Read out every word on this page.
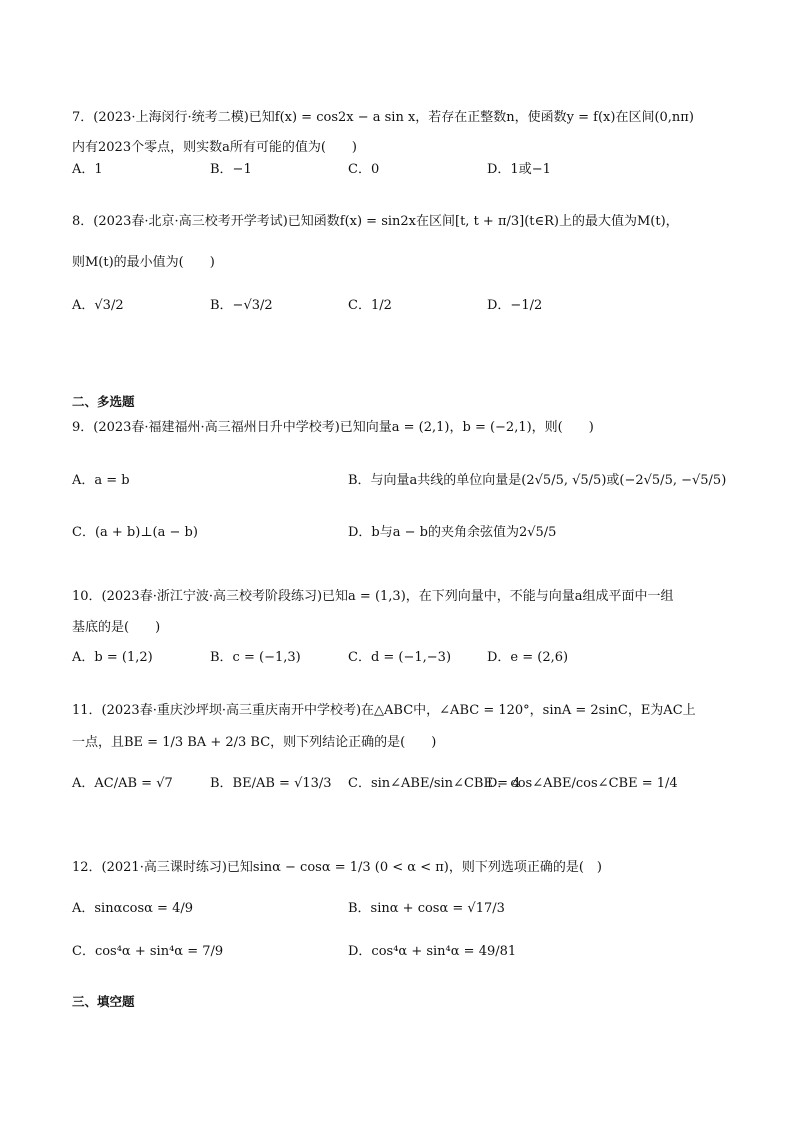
7．(2023·上海闵行·统考二模)已知f(x) = cos2x − a sin x，若存在正整数n，使函数y = f(x)在区间(0,nπ)
内有2023个零点，则实数a所有可能的值为(　　)
A．1	B．−1	C．0	D．1或−1
8．(2023春·北京·高三校考开学考试)已知函数f(x) = sin2x在区间[t, t + π/3](t∈R)上的最大值为M(t)，
则M(t)的最小值为(　　)
A．√3/2	B．−√3/2	C．1/2	D．−1/2
二、多选题
9．(2023春·福建福州·高三福州日升中学校考)已知向量a = (2,1)，b = (−2,1)，则(　　)
A．a = b	B．与向量a共线的单位向量是(2√5/5, √5/5)或(−2√5/5, −√5/5)
C．(a + b)⊥(a − b)	D．b与a − b的夹角余弦值为2√5/5
10．(2023春·浙江宁波·高三校考阶段练习)已知a = (1,3)，在下列向量中，不能与向量a组成平面中一组
基底的是(　　)
A．b = (1,2)	B．c = (−1,3)	C．d = (−1,−3)	D．e = (2,6)
11．(2023春·重庆沙坪坝·高三重庆南开中学校考)在△ABC中，∠ABC = 120°，sinA = 2sinC，E为AC上
一点，且BE = 1/3 BA + 2/3 BC，则下列结论正确的是(　　)
A．AC/AB = √7	B．BE/AB = √13/3 C．sin∠ABE/sin∠CBE = 4
D．cos∠ABE/cos∠CBE = 1/4
12．(2021·高三课时练习)已知sinα − cosα = 1/3 (0 < α < π)，则下列选项正确的是(　)
A．sinαcosα = 4/9	B．sinα + cosα = √17/3
C．cos⁴α + sin⁴α = 7/9	D．cos⁴α + sin⁴α = 49/81
三、填空题
